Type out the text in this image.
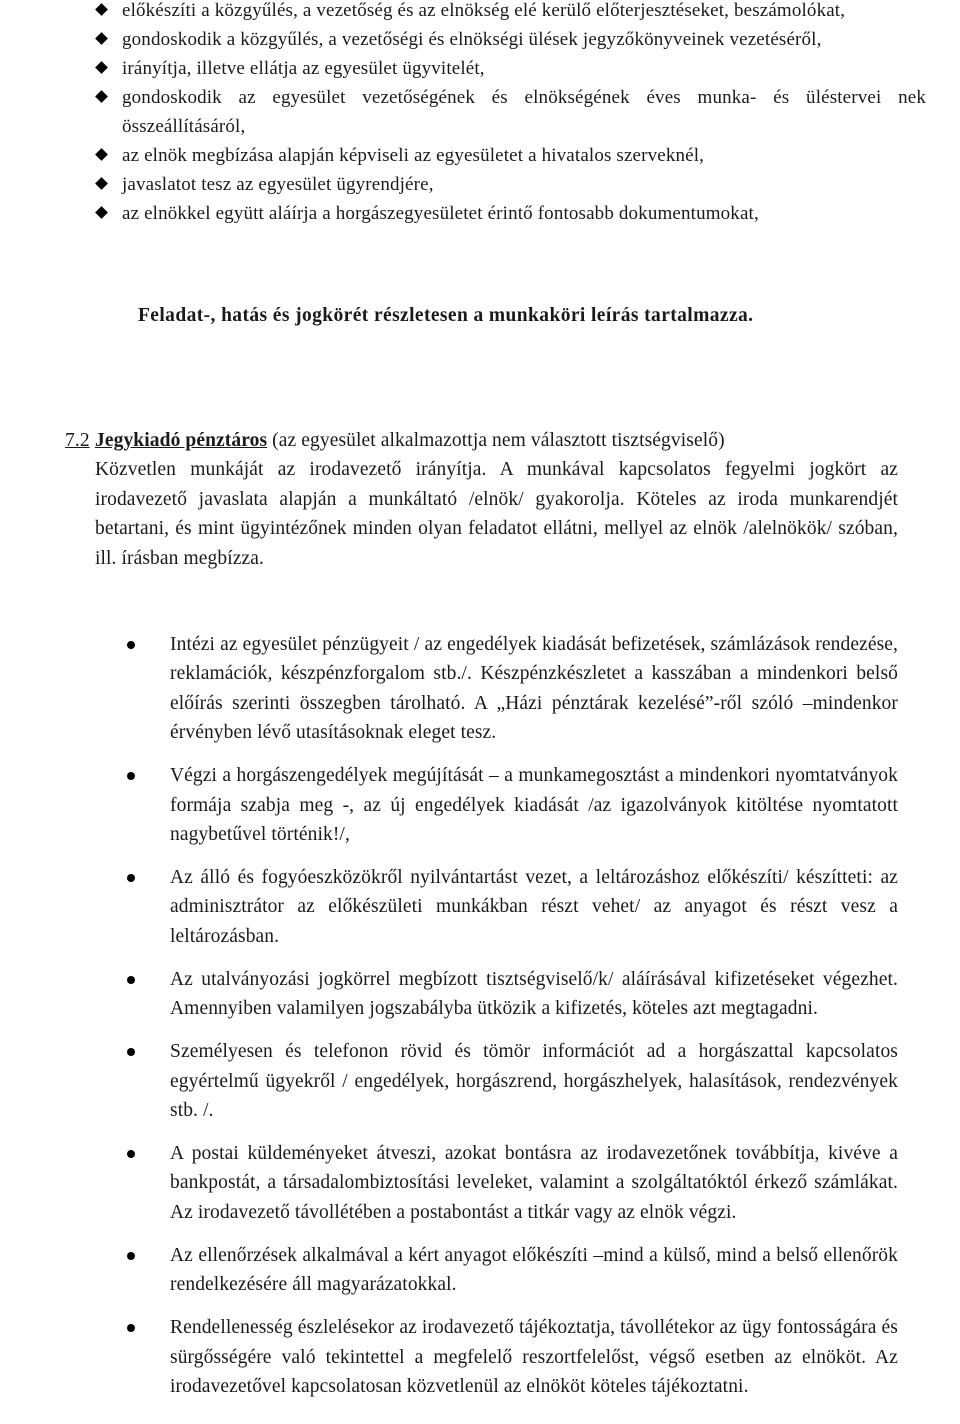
előkészíti a közgyűlés, a vezetőség és az elnökség elé kerülő előterjesztéseket, beszámolókat,
gondoskodik a közgyűlés, a vezetőségi és elnökségi ülések jegyzőkönyveinek vezetéséről,
irányítja, illetve ellátja az egyesület ügyvitelét,
gondoskodik az egyesület vezetőségének és elnökségének éves munka- és üléstervei nek összeállításáról,
az elnök megbízása alapján képviseli az egyesületet a hivatalos szerveknél,
javaslatot tesz az egyesület ügyrendjére,
az elnökkel együtt aláírja a horgászegyesületet érintő fontosabb dokumentumokat,
Feladat-, hatás és jogkörét részletesen a munkaköri leírás tartalmazza.
7.2 Jegykiadó pénztáros (az egyesület alkalmazottja nem választott tisztségviselő)
Közvetlen munkáját az irodavezető irányítja. A munkával kapcsolatos fegyelmi jogkört az irodavezető javaslata alapján a munkáltató /elnök/ gyakorolja. Köteles az iroda munkarendjét betartani, és mint ügyintézőnek minden olyan feladatot ellátni, mellyel az elnök /alelnökök/ szóban, ill. írásban megbízza.
Intézi az egyesület pénzügyeit / az engedélyek kiadását befizetések, számlázások rendezése, reklamációk, készpénzforgalom stb./. Készpénzkészletet a kasszában a mindenkori belső előírás szerinti összegben tárolható. A „Házi pénztárak kezelésé”-ről szóló –mindenkor érvényben lévő utasításoknak eleget tesz.
Végzi a horgászengedélyek megújítását – a munkamegosztást a mindenkori nyomtatványok formája szabja meg -, az új engedélyek kiadását /az igazolványok kitöltése nyomtatott nagybetűvel történik!/,
Az álló és fogyóeszközökről nyilvántartást vezet, a leltározáshoz előkészíti/ készítteti: az adminisztrátor az előkészületi munkákban részt vehet/ az anyagot és részt vesz a leltározásban.
Az utalványozási jogkörrel megbízott tisztségviselő/k/ aláírásával kifizetéseket végezhet. Amennyiben valamilyen jogszabályba ütközik a kifizetés, köteles azt megtagadni.
Személyesen és telefonon rövid és tömör információt ad a horgászattal kapcsolatos egyértelmű ügyekről / engedélyek, horgászrend, horgászhelyek, halasítások, rendezvények stb. /.
A postai küldeményeket átveszi, azokat bontásra az irodavezetőnek továbbítja, kivéve a bankpostát, a társadalombiztosítási leveleket, valamint a szolgáltatóktól érkező számlákat. Az irodavezető távollétében a postabontást a titkár vagy az elnök végzi.
Az ellenőrzések alkalmával a kért anyagot előkészíti –mind a külső, mind a belső ellenőrök rendelkezésére áll magyarázatokkal.
Rendellenesség észlelésekor az irodavezető tájékoztatja, távollétekor az ügy fontosságára és sürgősségére való tekintettel a megfelelő reszortfelelőst, végső esetben az elnököt. Az irodavezetővel kapcsolatosan közvetlenül az elnököt köteles tájékoztatni.
